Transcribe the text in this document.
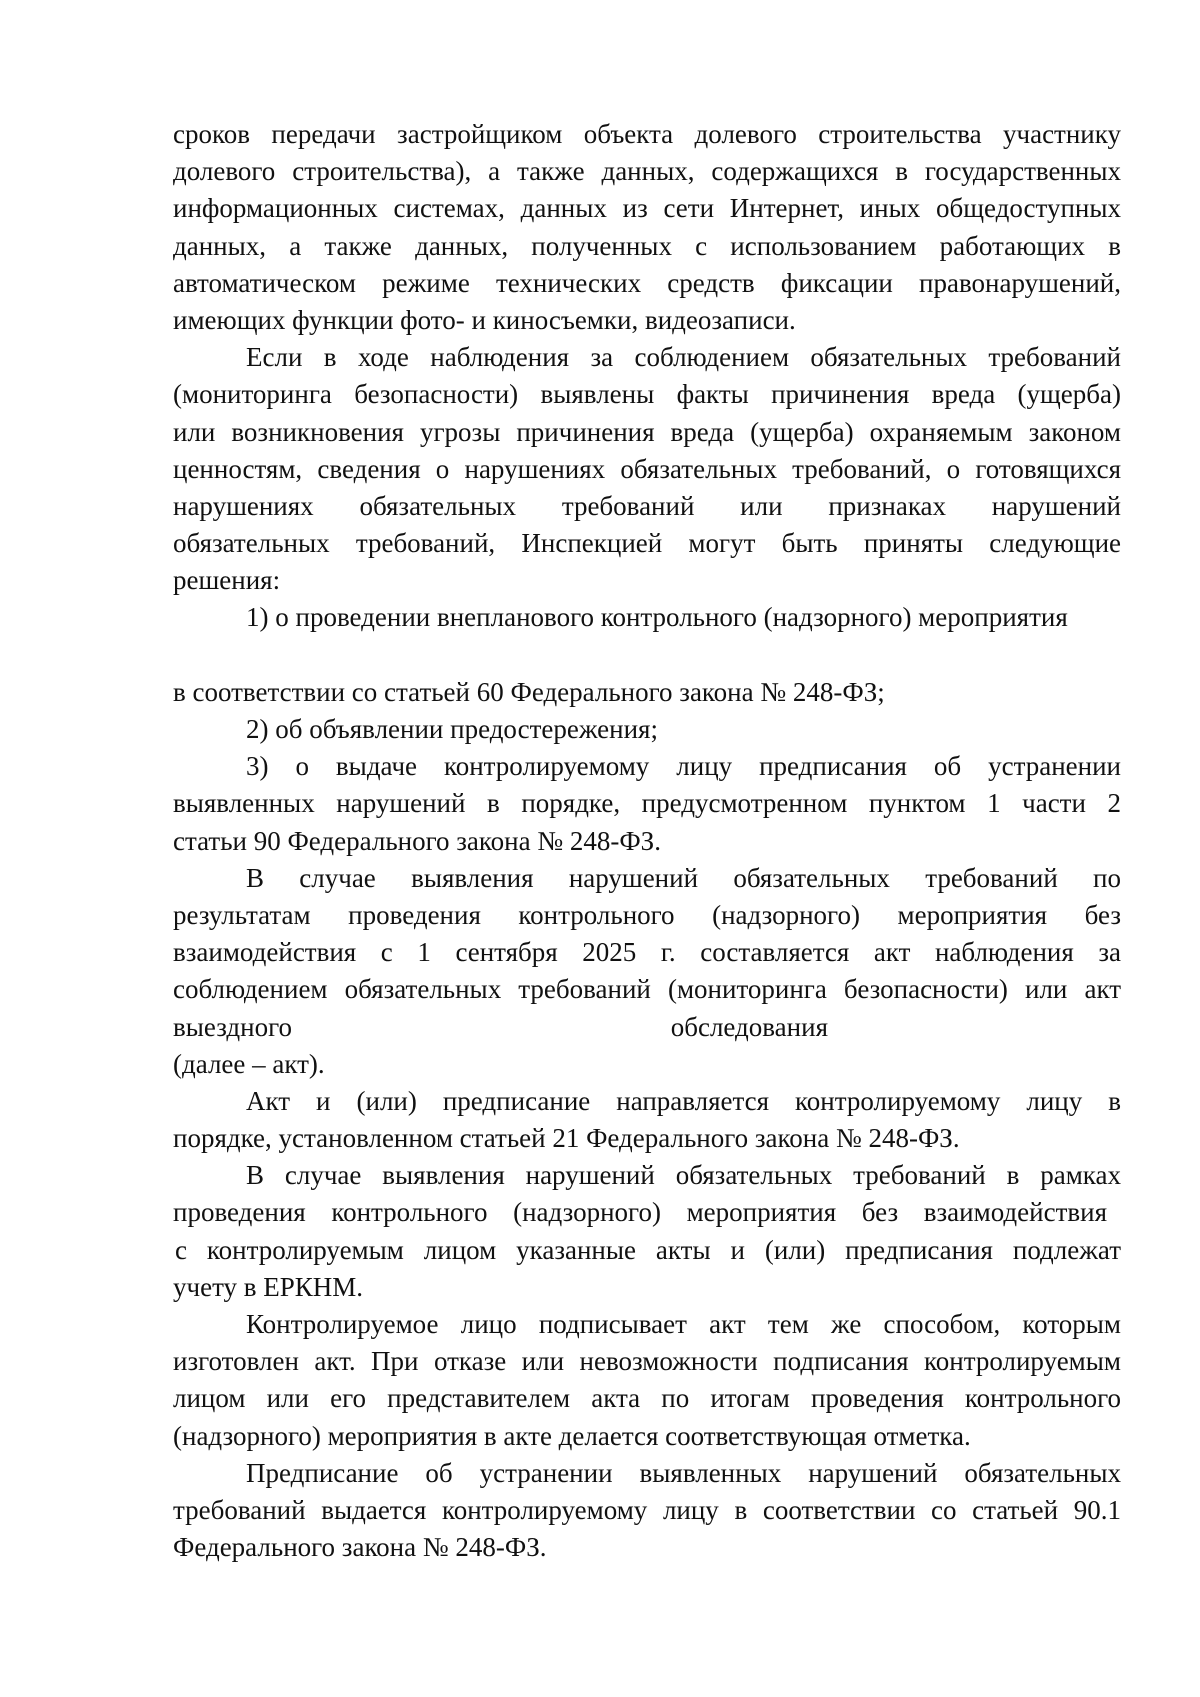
сроков передачи застройщиком объекта долевого строительства участнику
долевого строительства), а также данных, содержащихся в государственных
информационных системах, данных из сети Интернет, иных общедоступных
данных, а также данных, полученных с использованием работающих в
автоматическом режиме технических средств фиксации правонарушений,
имеющих функции фото- и киносъемки, видеозаписи.
Если в ходе наблюдения за соблюдением обязательных требований
(мониторинга безопасности) выявлены факты причинения вреда (ущерба)
или возникновения угрозы причинения вреда (ущерба) охраняемым законом
ценностям, сведения о нарушениях обязательных требований, о готовящихся
нарушениях обязательных требований или признаках нарушений
обязательных требований, Инспекцией могут быть приняты следующие
решения:
1) о проведении внепланового контрольного (надзорного) мероприятия
в соответствии со статьей 60 Федерального закона № 248-ФЗ;
2) об объявлении предостережения;
3) о выдаче контролируемому лицу предписания об устранении
выявленных нарушений в порядке, предусмотренном пунктом 1 части 2
статьи 90 Федерального закона № 248-ФЗ.
В случае выявления нарушений обязательных требований по
результатам проведения контрольного (надзорного) мероприятия без
взаимодействия с 1 сентября 2025 г. составляется акт наблюдения за
соблюдением обязательных требований (мониторинга безопасности) или акт
выездного обследования
(далее – акт).
Акт и (или) предписание направляется контролируемому лицу в
порядке, установленном статьей 21 Федерального закона № 248-ФЗ.
В случае выявления нарушений обязательных требований в рамках
проведения контрольного (надзорного) мероприятия без взаимодействия
с контролируемым лицом указанные акты и (или) предписания подлежат
учету в ЕРКНМ.
Контролируемое лицо подписывает акт тем же способом, которым
изготовлен акт. При отказе или невозможности подписания контролируемым
лицом или его представителем акта по итогам проведения контрольного
(надзорного) мероприятия в акте делается соответствующая отметка.
Предписание об устранении выявленных нарушений обязательных
требований выдается контролируемому лицу в соответствии со статьей 90.1
Федерального закона № 248-ФЗ.
